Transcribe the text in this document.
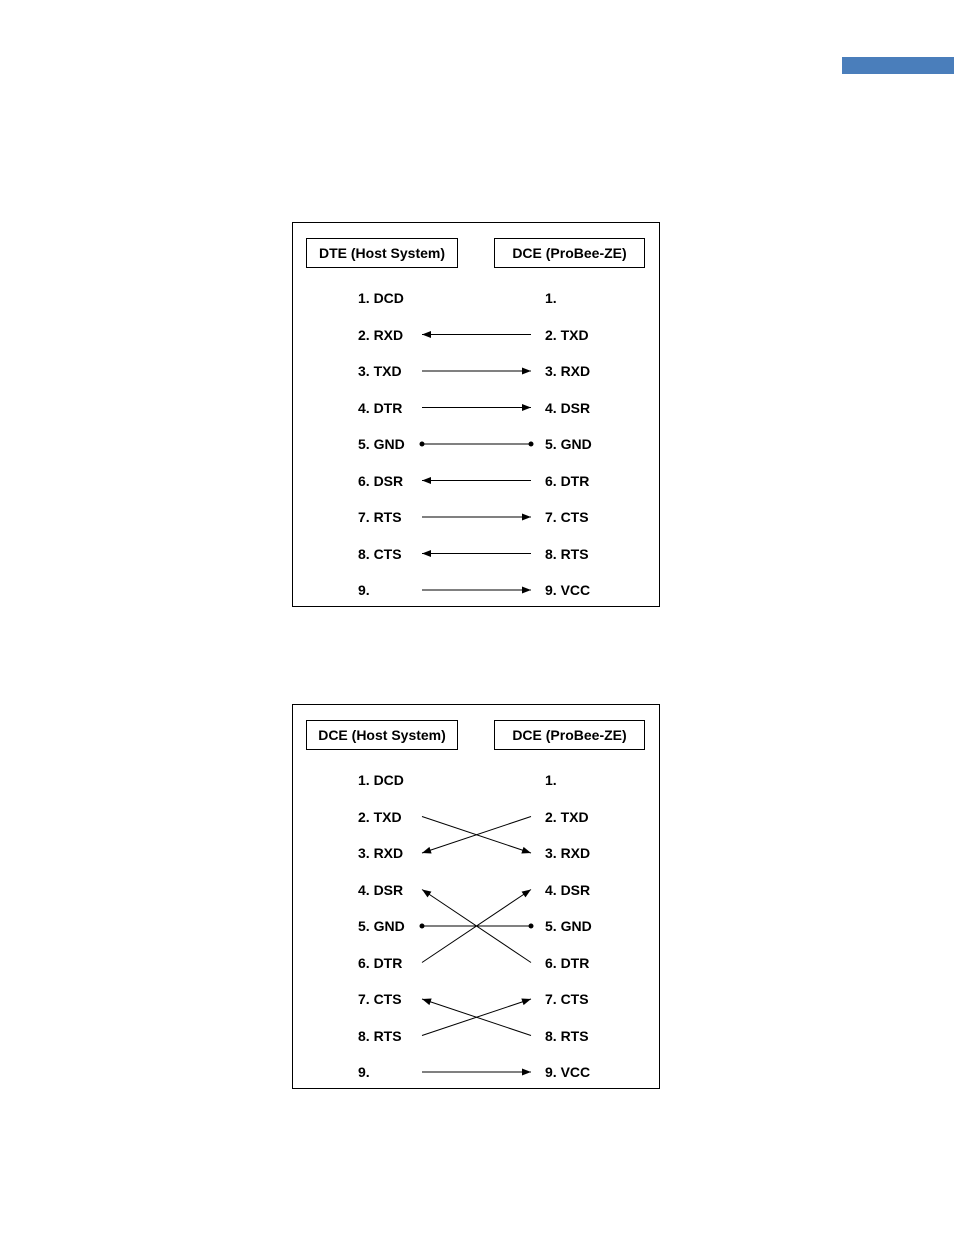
DTE (Host System)	DCE (ProBee-ZE)
1. DCD
2. RXD
3. TXD
4. DTR
5. GND
6. DSR
7. RTS
8. CTS
9.
1.
2. TXD
3. RXD
4. DSR
5. GND
6. DTR
7. CTS
8. RTS
9. VCC
DCE (Host System)	DCE (ProBee-ZE)
1. DCD
2. TXD
3. RXD
4. DSR
5. GND
6. DTR
7. CTS
8. RTS
9.
1.
2. TXD
3. RXD
4. DSR
5. GND
6. DTR
7. CTS
8. RTS
9. VCC
